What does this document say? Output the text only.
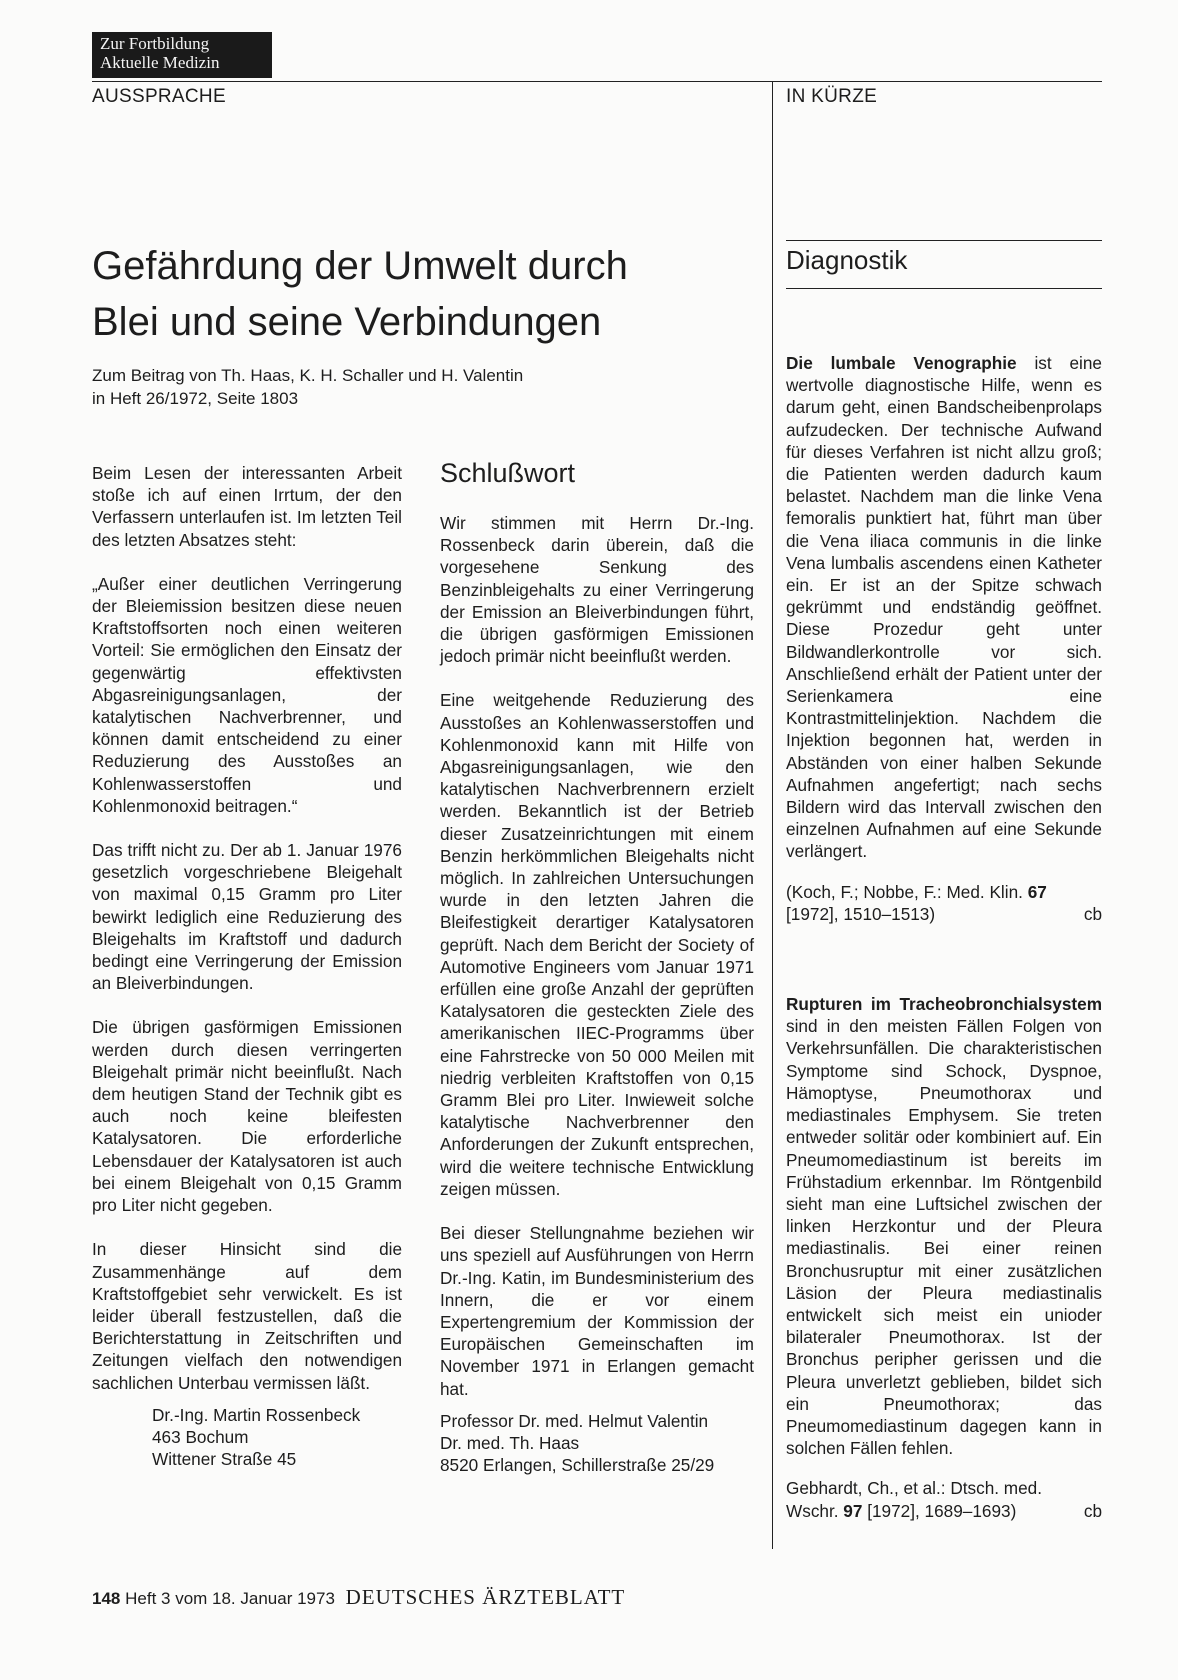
Zur Fortbildung
Aktuelle Medizin
AUSSPRACHE	IN KÜRZE
Gefährdung der Umwelt durch
Blei und seine Verbindungen
Zum Beitrag von Th. Haas, K. H. Schaller und H. Valentin
in Heft 26/1972, Seite 1803

Beim Lesen der interessanten Arbeit stoße ich auf einen Irrtum, der den Verfassern unterlaufen ist. Im letzten Teil des letzten Absatzes steht:

„Außer einer deutlichen Verringerung der Bleiemission besitzen diese neuen Kraftstoffsorten noch einen weiteren Vorteil: Sie ermöglichen den Einsatz der gegenwärtig effektivsten Abgasreinigungsanlagen, der katalytischen Nachverbrenner, und können damit entscheidend zu einer Reduzierung des Ausstoßes an Kohlenwasserstoffen und Kohlenmonoxid beitragen.“

Das trifft nicht zu. Der ab 1. Januar 1976 gesetzlich vorgeschriebene Bleigehalt von maximal 0,15 Gramm pro Liter bewirkt lediglich eine Reduzierung des Bleigehalts im Kraftstoff und dadurch bedingt eine Verringerung der Emission an Bleiverbindungen.

Die übrigen gasförmigen Emissionen werden durch diesen verringerten Bleigehalt primär nicht beeinflußt. Nach dem heutigen Stand der Technik gibt es auch noch keine bleifesten Katalysatoren. Die erforderliche Lebensdauer der Katalysatoren ist auch bei einem Bleigehalt von 0,15 Gramm pro Liter nicht gegeben.

In dieser Hinsicht sind die Zusammenhänge auf dem Kraftstoffgebiet sehr verwickelt. Es ist leider überall festzustellen, daß die Berichterstattung in Zeitschriften und Zeitungen vielfach den notwendigen sachlichen Unterbau vermissen läßt.

Dr.-Ing. Martin Rossenbeck
463 Bochum
Wittener Straße 45
Schlußwort

Wir stimmen mit Herrn Dr.-Ing. Rossenbeck darin überein, daß die vorgesehene Senkung des Benzinbleigehalts zu einer Verringerung der Emission an Bleiverbindungen führt, die übrigen gasförmigen Emissionen jedoch primär nicht beeinflußt werden.

Eine weitgehende Reduzierung des Ausstoßes an Kohlenwasserstoffen und Kohlenmonoxid kann mit Hilfe von Abgasreinigungsanlagen, wie den katalytischen Nachverbrennern erzielt werden. Bekanntlich ist der Betrieb dieser Zusatzeinrichtungen mit einem Benzin herkömmlichen Bleigehalts nicht möglich. In zahlreichen Untersuchungen wurde in den letzten Jahren die Bleifestigkeit derartiger Katalysatoren geprüft. Nach dem Bericht der Society of Automotive Engineers vom Januar 1971 erfüllen eine große Anzahl der geprüften Katalysatoren die gesteckten Ziele des amerikanischen IIEC-Programms über eine Fahrstrecke von 50 000 Meilen mit niedrig verbleiten Kraftstoffen von 0,15 Gramm Blei pro Liter. Inwieweit solche katalytische Nachverbrenner den Anforderungen der Zukunft entsprechen, wird die weitere technische Entwicklung zeigen müssen.

Bei dieser Stellungnahme beziehen wir uns speziell auf Ausführungen von Herrn Dr.-Ing. Katin, im Bundesministerium des Innern, die er vor einem Expertengremium der Kommission der Europäischen Gemeinschaften im November 1971 in Erlangen gemacht hat.

Professor Dr. med. Helmut Valentin
Dr. med. Th. Haas
8520 Erlangen, Schillerstraße 25/29
Diagnostik

Die lumbale Venographie ist eine wertvolle diagnostische Hilfe, wenn es darum geht, einen Bandscheibenprolaps aufzudecken. Der technische Aufwand für dieses Verfahren ist nicht allzu groß; die Patienten werden dadurch kaum belastet. Nachdem man die linke Vena femoralis punktiert hat, führt man über die Vena iliaca communis in die linke Vena lumbalis ascendens einen Katheter ein. Er ist an der Spitze schwach gekrümmt und endständig geöffnet. Diese Prozedur geht unter Bildwandlerkontrolle vor sich. Anschließend erhält der Patient unter der Serienkamera eine Kontrastmittelinjektion. Nachdem die Injektion begonnen hat, werden in Abständen von einer halben Sekunde Aufnahmen angefertigt; nach sechs Bildern wird das Intervall zwischen den einzelnen Aufnahmen auf eine Sekunde verlängert.

(Koch, F.; Nobbe, F.: Med. Klin. 67
[1972], 1510–1513)	cb

Rupturen im Tracheobronchialsystem sind in den meisten Fällen Folgen von Verkehrsunfällen. Die charakteristischen Symptome sind Schock, Dyspnoe, Hämoptyse, Pneumothorax und mediastinales Emphysem. Sie treten entweder solitär oder kombiniert auf. Ein Pneumomediastinum ist bereits im Frühstadium erkennbar. Im Röntgenbild sieht man eine Luftsichel zwischen der linken Herzkontur und der Pleura mediastinalis. Bei einer reinen Bronchusruptur mit einer zusätzlichen Läsion der Pleura mediastinalis entwickelt sich meist ein unioder bilateraler Pneumothorax. Ist der Bronchus peripher gerissen und die Pleura unverletzt geblieben, bildet sich ein Pneumothorax; das Pneumomediastinum dagegen kann in solchen Fällen fehlen.

Gebhardt, Ch., et al.: Dtsch. med.
Wschr. 97 [1972], 1689–1693)	cb
148 Heft 3 vom 18. Januar 1973 DEUTSCHES ÄRZTEBLATT
